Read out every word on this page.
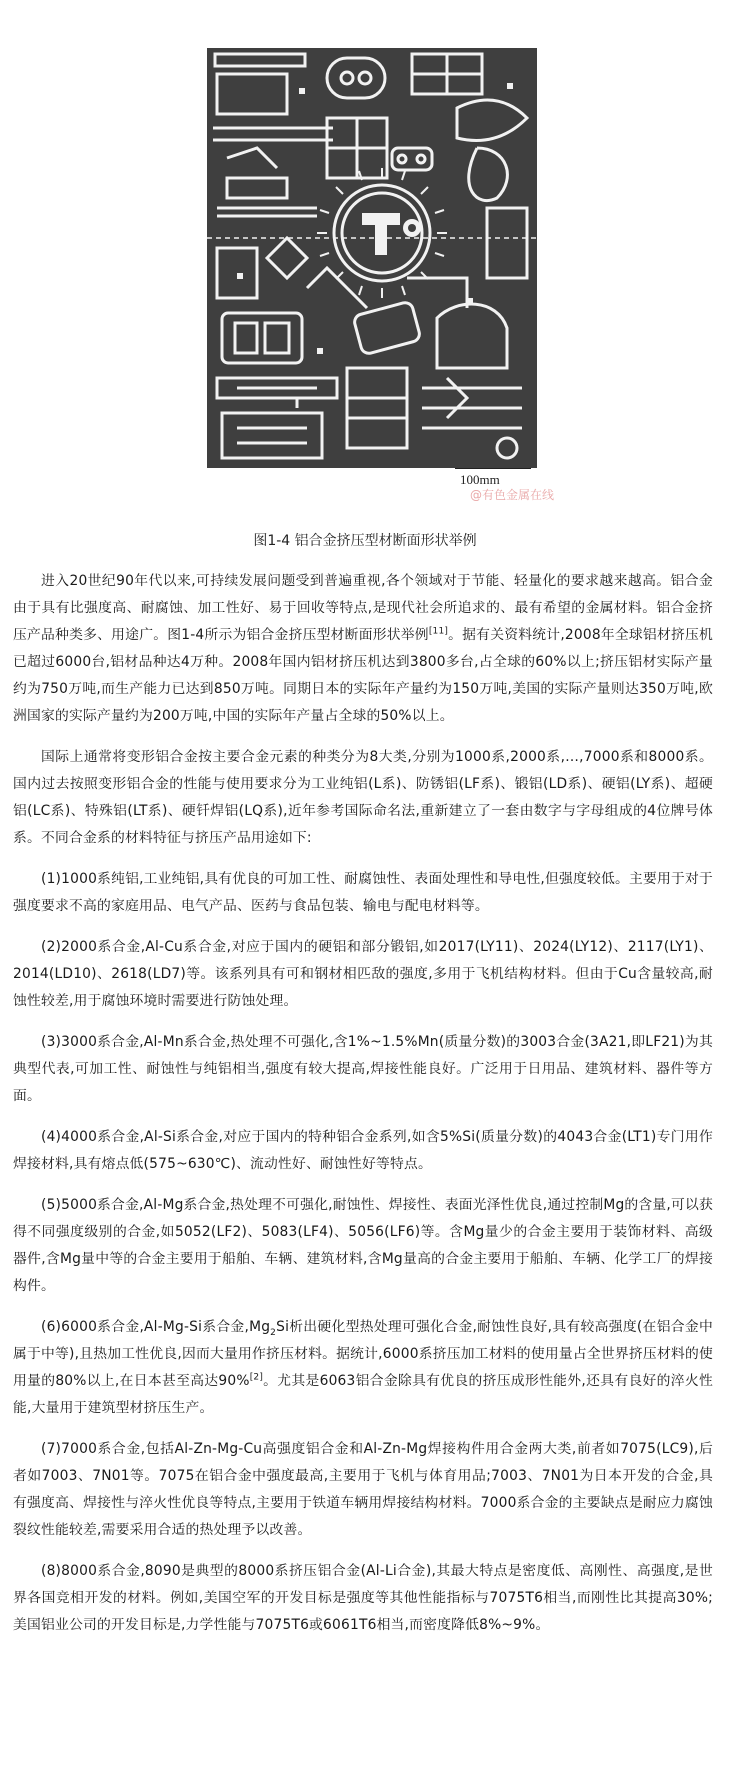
100mm
@有色金属在线
图1-4 铝合金挤压型材断面形状举例

进入20世纪90年代以来,可持续发展问题受到普遍重视,各个领域对于节能、轻量化的要求越来越高。铝合金由于具有比强度高、耐腐蚀、加工性好、易于回收等特点,是现代社会所追求的、最有希望的金属材料。铝合金挤压产品种类多、用途广。图1-4所示为铝合金挤压型材断面形状举例[11]。据有关资料统计,2008年全球铝材挤压机已超过6000台,铝材品种达4万种。2008年国内铝材挤压机达到3800多台,占全球的60%以上;挤压铝材实际产量约为750万吨,而生产能力已达到850万吨。同期日本的实际年产量约为150万吨,美国的实际产量则达350万吨,欧洲国家的实际产量约为200万吨,中国的实际年产量占全球的50%以上。

国际上通常将变形铝合金按主要合金元素的种类分为8大类,分别为1000系,2000系,…,7000系和8000系。国内过去按照变形铝合金的性能与使用要求分为工业纯铝(L系)、防锈铝(LF系)、锻铝(LD系)、硬铝(LY系)、超硬铝(LC系)、特殊铝(LT系)、硬钎焊铝(LQ系),近年参考国际命名法,重新建立了一套由数字与字母组成的4位牌号体系。不同合金系的材料特征与挤压产品用途如下:

(1)1000系纯铝,工业纯铝,具有优良的可加工性、耐腐蚀性、表面处理性和导电性,但强度较低。主要用于对于强度要求不高的家庭用品、电气产品、医药与食品包装、输电与配电材料等。

(2)2000系合金,Al-Cu系合金,对应于国内的硬铝和部分锻铝,如2017(LY11)、2024(LY12)、2117(LY1)、2014(LD10)、2618(LD7)等。该系列具有可和钢材相匹敌的强度,多用于飞机结构材料。但由于Cu含量较高,耐蚀性较差,用于腐蚀环境时需要进行防蚀处理。

(3)3000系合金,Al-Mn系合金,热处理不可强化,含1%~1.5%Mn(质量分数)的3003合金(3A21,即LF21)为其典型代表,可加工性、耐蚀性与纯铝相当,强度有较大提高,焊接性能良好。广泛用于日用品、建筑材料、器件等方面。

(4)4000系合金,Al-Si系合金,对应于国内的特种铝合金系列,如含5%Si(质量分数)的4043合金(LT1)专门用作焊接材料,具有熔点低(575~630℃)、流动性好、耐蚀性好等特点。

(5)5000系合金,Al-Mg系合金,热处理不可强化,耐蚀性、焊接性、表面光泽性优良,通过控制Mg的含量,可以获得不同强度级别的合金,如5052(LF2)、5083(LF4)、5056(LF6)等。含Mg量少的合金主要用于装饰材料、高级器件,含Mg量中等的合金主要用于船舶、车辆、建筑材料,含Mg量高的合金主要用于船舶、车辆、化学工厂的焊接构件。

(6)6000系合金,Al-Mg-Si系合金$,Mg_2Si$析出硬化型热处理可强化合金,耐蚀性良好,具有较高强度(在铝合金中属于中等),且热加工性优良,因而大量用作挤压材料。据统计,6000系挤压加工材料的使用量占全世界挤压材料的使用量的80%以上,在日本甚至高达90%[2]。尤其是6063铝合金除具有优良的挤压成形性能外,还具有良好的淬火性能,大量用于建筑型材挤压生产。

(7)7000系合金,包括Al-Zn-Mg-Cu高强度铝合金和Al-Zn-Mg焊接构件用合金两大类,前者如7075(LC9),后者如7003、7N01等。7075在铝合金中强度最高,主要用于飞机与体育用品;7003、7N01为日本开发的合金,具有强度高、焊接性与淬火性优良等特点,主要用于铁道车辆用焊接结构材料。7000系合金的主要缺点是耐应力腐蚀裂纹性能较差,需要采用合适的热处理予以改善。

(8)8000系合金,8090是典型的8000系挤压铝合金(Al-Li合金),其最大特点是密度低、高刚性、高强度,是世界各国竞相开发的材料。例如,美国空军的开发目标是强度等其他性能指标与7075T6相当,而刚性比其提高30%;美国铝业公司的开发目标是,力学性能与7075T6或6061T6相当,而密度降低8%~9%。
